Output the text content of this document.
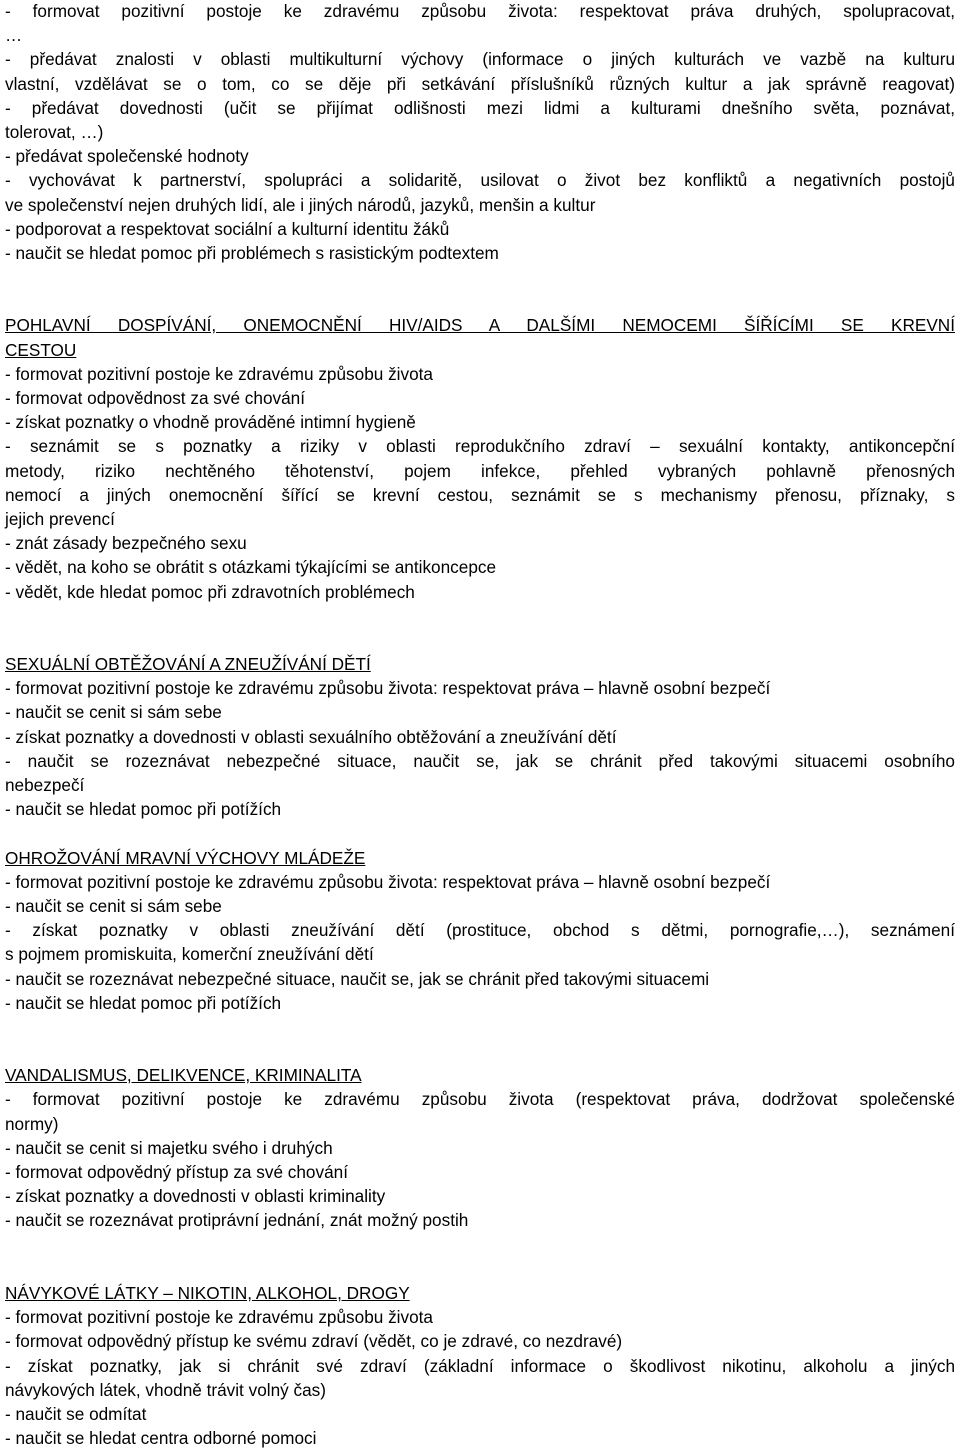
- formovat pozitivní postoje ke zdravému způsobu života: respektovat práva druhých, spolupracovat,
…
- předávat znalosti v oblasti multikulturní výchovy (informace o jiných kulturách ve vazbě na kulturu
vlastní, vzdělávat se o tom, co se děje při setkávání příslušníků různých kultur a jak správně reagovat)
- předávat dovednosti (učit se přijímat odlišnosti mezi lidmi a kulturami dnešního světa, poznávat,
tolerovat, …)
- předávat společenské hodnoty
- vychovávat k partnerství, spolupráci a solidaritě, usilovat o život bez konfliktů a negativních postojů
ve společenství nejen druhých lidí, ale i jiných národů, jazyků, menšin a kultur
- podporovat a respektovat sociální a kulturní identitu žáků
- naučit se hledat pomoc při problémech s rasistickým podtextem
POHLAVNÍ DOSPÍVÁNÍ, ONEMOCNĚNÍ HIV/AIDS A DALŠÍMI NEMOCEMI ŠÍŘÍCÍMI SE KREVNÍ
CESTOU
- formovat pozitivní postoje ke zdravému způsobu života
- formovat odpovědnost za své chování
- získat poznatky o vhodně prováděné intimní hygieně
- seznámit se s poznatky a riziky v oblasti reprodukčního zdraví – sexuální kontakty, antikoncepční
metody, riziko nechtěného těhotenství, pojem infekce, přehled vybraných pohlavně přenosných
nemocí a jiných onemocnění šířící se krevní cestou, seznámit se s mechanismy přenosu, příznaky, s
jejich prevencí
- znát zásady bezpečného sexu
- vědět, na koho se obrátit s otázkami týkajícími se antikoncepce
- vědět, kde hledat pomoc při zdravotních problémech
SEXUÁLNÍ OBTĚŽOVÁNÍ A ZNEUŽÍVÁNÍ DĚTÍ
- formovat pozitivní postoje ke zdravému způsobu života: respektovat práva – hlavně osobní bezpečí
- naučit se cenit si sám sebe
- získat poznatky a dovednosti v oblasti sexuálního obtěžování a zneužívání dětí
- naučit se rozeznávat nebezpečné situace, naučit se, jak se chránit před takovými situacemi osobního
nebezpečí
- naučit se hledat pomoc při potížích
OHROŽOVÁNÍ MRAVNÍ VÝCHOVY MLÁDEŽE
- formovat pozitivní postoje ke zdravému způsobu života: respektovat práva – hlavně osobní bezpečí
- naučit se cenit si sám sebe
- získat poznatky v oblasti zneužívání dětí (prostituce, obchod s dětmi, pornografie,…), seznámení
s pojmem promiskuita, komerční zneužívání dětí
- naučit se rozeznávat nebezpečné situace, naučit se, jak se chránit před takovými situacemi
- naučit se hledat pomoc při potížích
VANDALISMUS, DELIKVENCE, KRIMINALITA
- formovat pozitivní postoje ke zdravému způsobu života (respektovat práva, dodržovat společenské
normy)
- naučit se cenit si majetku svého i druhých
- formovat odpovědný přístup za své chování
- získat poznatky a dovednosti v oblasti kriminality
- naučit se rozeznávat protiprávní jednání, znát možný postih
NÁVYKOVÉ LÁTKY – NIKOTIN, ALKOHOL, DROGY
- formovat pozitivní postoje ke zdravému způsobu života
- formovat odpovědný přístup ke svému zdraví (vědět, co je zdravé, co nezdravé)
- získat poznatky, jak si chránit své zdraví (základní informace o škodlivost nikotinu, alkoholu a jiných
návykových látek, vhodně trávit volný čas)
- naučit se odmítat
- naučit se hledat centra odborné pomoci
